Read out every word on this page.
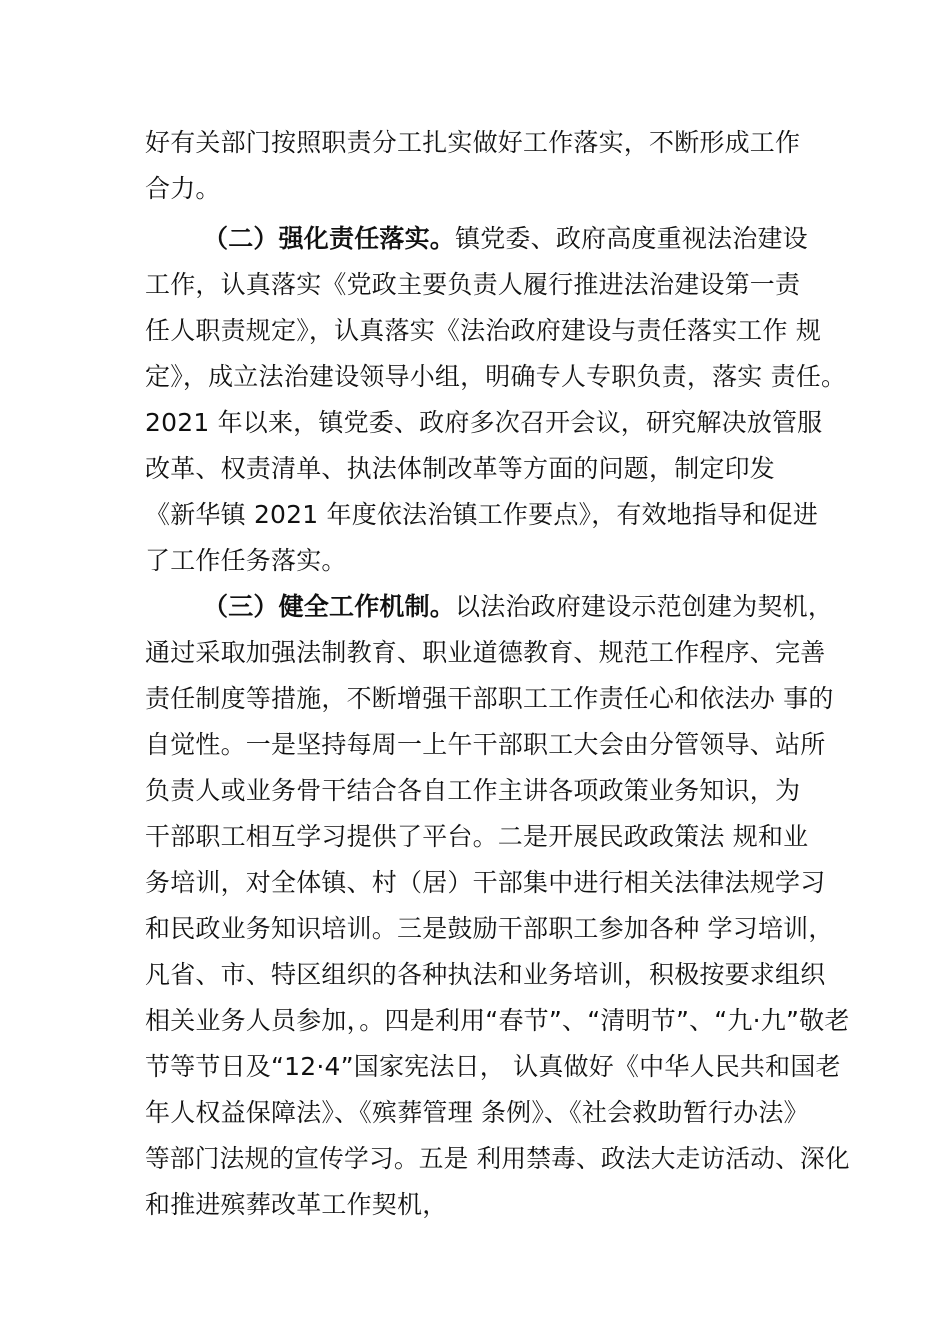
好有关部门按照职责分工扎实做好工作落实，不断形成工作

合力。

（二）强化责任落实。镇党委、政府高度重视法治建设

工作，认真落实《党政主要负责人履行推进法治建设第一责

任人职责规定》，认真落实《法治政府建设与责任落实工作 规

定》，成立法治建设领导小组，明确专人专职负责，落实 责任。

2021 年以来，镇党委、政府多次召开会议，研究解决放管服

改革、权责清单、执法体制改革等方面的问题，制定印发

《新华镇 2021 年度依法治镇工作要点》，有效地指导和促进

了工作任务落实。

（三）健全工作机制。以法治政府建设示范创建为契机，

通过采取加强法制教育、职业道德教育、规范工作程序、完善

责任制度等措施，不断增强干部职工工作责任心和依法办 事的

自觉性。一是坚持每周一上午干部职工大会由分管领导、站所

负责人或业务骨干结合各自工作主讲各项政策业务知识，为

干部职工相互学习提供了平台。二是开展民政政策法 规和业

务培训，对全体镇、村（居）干部集中进行相关法律法规学习

和民政业务知识培训。三是鼓励干部职工参加各种 学习培训，

凡省、市、特区组织的各种执法和业务培训，积极按要求组织

相关业务人员参加，。四是利用“春节”、“清明节”、“九·九”敬老

节等节日及“12·4”国家宪法日， 认真做好《中华人民共和国老

年人权益保障法》、《殡葬管理 条例》、《社会救助暂行办法》

等部门法规的宣传学习。五是 利用禁毒、政法大走访活动、深化

和推进殡葬改革工作契机，
